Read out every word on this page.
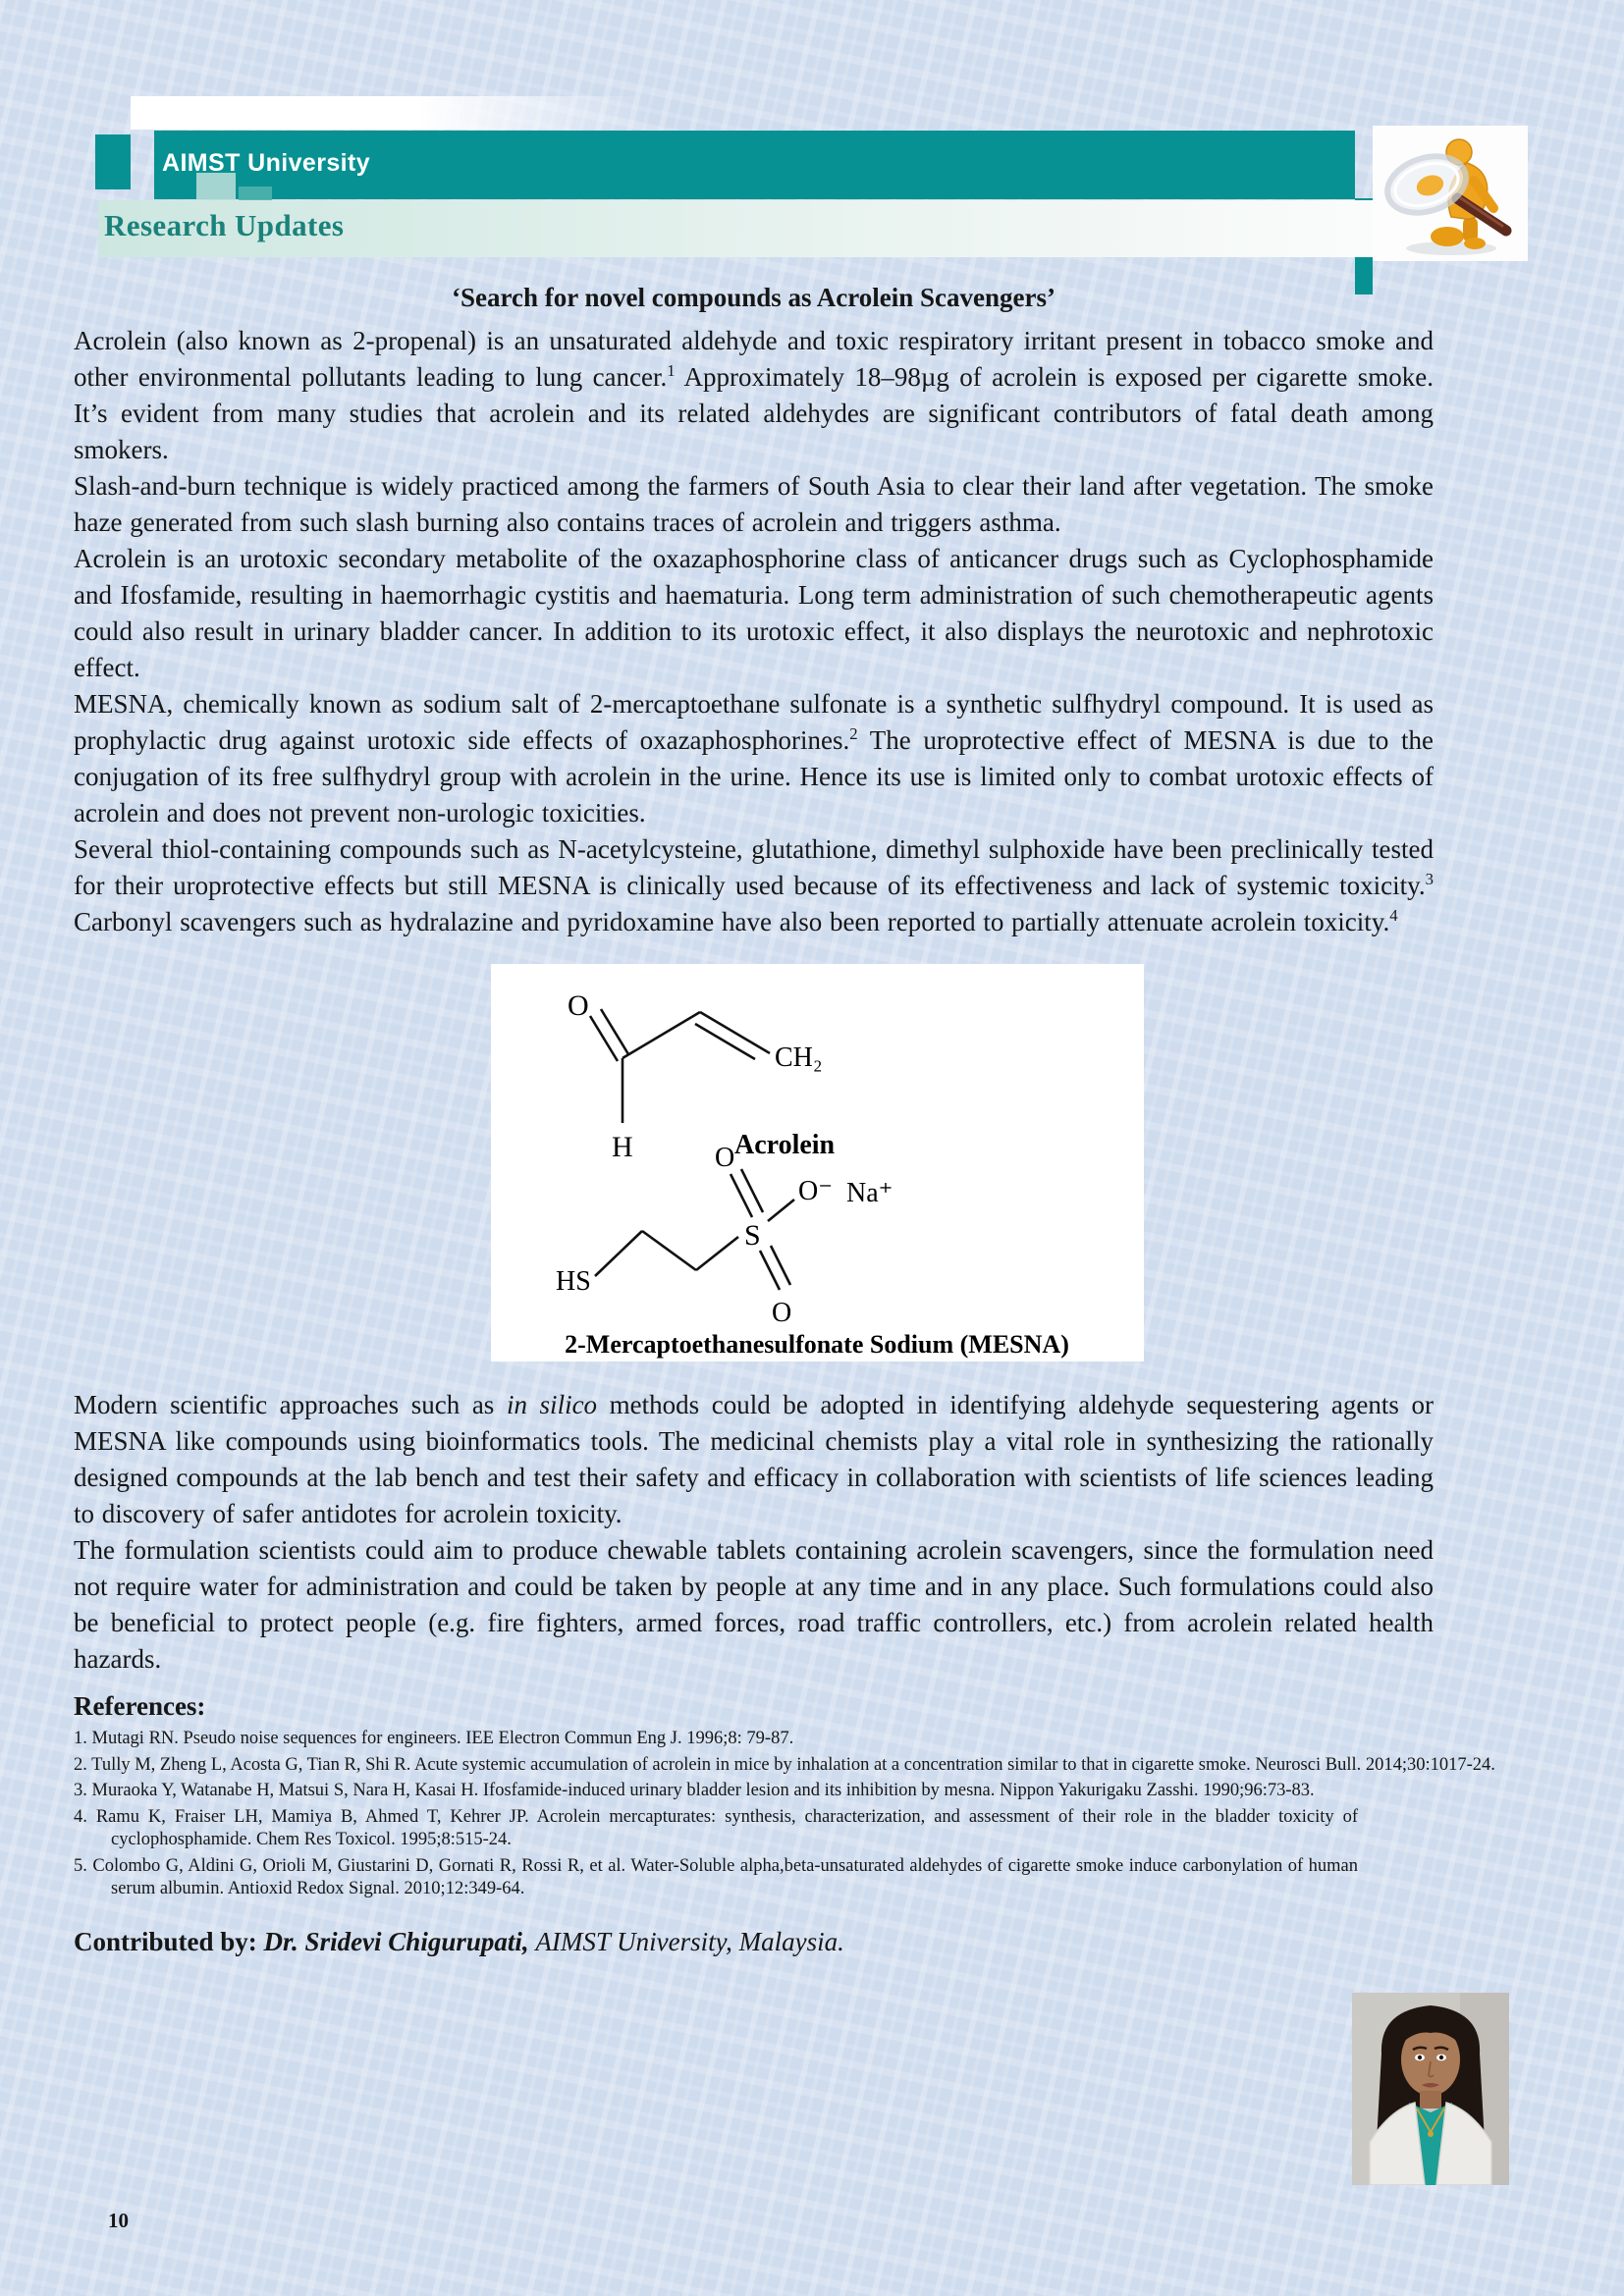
AIMST University
Research Updates
‘Search for novel compounds as Acrolein Scavengers’

Acrolein (also known as 2-propenal) is an unsaturated aldehyde and toxic respiratory irritant present in tobacco smoke and other environmental pollutants leading to lung cancer.$^1$ Approximately 18–98µg of acrolein is exposed per cigarette smoke. It’s evident from many studies that acrolein and its related aldehydes are significant contributors of fatal death among smokers.

Slash-and-burn technique is widely practiced among the farmers of South Asia to clear their land after vegetation. The smoke haze generated from such slash burning also contains traces of acrolein and triggers asthma.

Acrolein is an urotoxic secondary metabolite of the oxazaphosphorine class of anticancer drugs such as Cyclophosphamide and Ifosfamide, resulting in haemorrhagic cystitis and haematuria. Long term administration of such chemotherapeutic agents could also result in urinary bladder cancer. In addition to its urotoxic effect, it also displays the neurotoxic and nephrotoxic effect.

MESNA, chemically known as sodium salt of 2-mercaptoethane sulfonate is a synthetic sulfhydryl compound. It is used as prophylactic drug against urotoxic side effects of oxazaphosphorines.$^2$ The uroprotective effect of MESNA is due to the conjugation of its free sulfhydryl group with acrolein in the urine. Hence its use is limited only to combat urotoxic effects of acrolein and does not prevent non-urologic toxicities.

Several thiol-containing compounds such as N-acetylcysteine, glutathione, dimethyl sulphoxide have been preclinically tested for their uroprotective effects but still MESNA is clinically used because of its effectiveness and lack of systemic toxicity.$^3$ Carbonyl scavengers such as hydralazine and pyridoxamine have also been reported to partially attenuate acrolein toxicity.$^4$

O
CH₂
H	Acrolein
HS
S
O
O⁻ Na⁺
O
2-Mercaptoethanesulfonate Sodium (MESNA)

Modern scientific approaches such as in silico methods could be adopted in identifying aldehyde sequestering agents or MESNA like compounds using bioinformatics tools. The medicinal chemists play a vital role in synthesizing the rationally designed compounds at the lab bench and test their safety and efficacy in collaboration with scientists of life sciences leading to discovery of safer antidotes for acrolein toxicity.

The formulation scientists could aim to produce chewable tablets containing acrolein scavengers, since the formulation need not require water for administration and could be taken by people at any time and in any place. Such formulations could also be beneficial to protect people (e.g. fire fighters, armed forces, road traffic controllers, etc.) from acrolein related health hazards.

References:
1. Mutagi RN. Pseudo noise sequences for engineers. IEE Electron Commun Eng J. 1996;8: 79-87.
2. Tully M, Zheng L, Acosta G, Tian R, Shi R. Acute systemic accumulation of acrolein in mice by inhalation at a concentration similar to that in cigarette smoke. Neurosci Bull. 2014;30:1017-24.
3. Muraoka Y, Watanabe H, Matsui S, Nara H, Kasai H. Ifosfamide-induced urinary bladder lesion and its inhibition by mesna. Nippon Yakurigaku Zasshi. 1990;96:73-83.
4. Ramu K, Fraiser LH, Mamiya B, Ahmed T, Kehrer JP. Acrolein mercapturates: synthesis, characterization, and assessment of their role in the bladder toxicity of cyclophosphamide. Chem Res Toxicol. 1995;8:515-24.
5. Colombo G, Aldini G, Orioli M, Giustarini D, Gornati R, Rossi R, et al. Water-Soluble alpha,beta-unsaturated aldehydes of cigarette smoke induce carbonylation of human serum albumin. Antioxid Redox Signal. 2010;12:349-64.

Contributed by: Dr. Sridevi Chigurupati, AIMST University, Malaysia.

10
